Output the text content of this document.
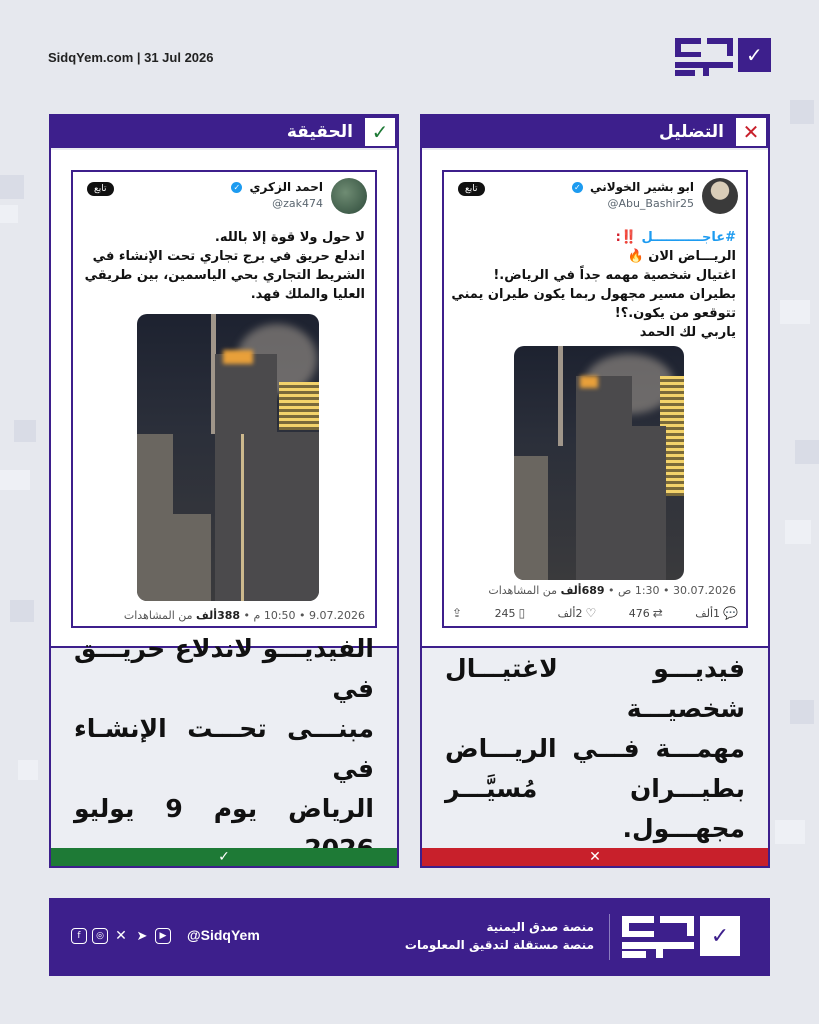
SidqYem.com | 31 Jul 2026	✓
الحقيقة ✓
احمد الزكري ✓
@zak474
تابع
لا حول ولا قوة إلا بالله.
اندلع حريق في برج تجاري تحت الإنشاء في
الشريط التجاري بحي الياسمين، بين طريقي
العليا والملك فهد.
9.07.2026 • 10:50 م • 388ألف من المشاهدات
الفيديـــو لاندلاع حريـــق في
مبنـــى تحـــت الإنشـاء في
الرياض يوم 9 يوليو
✓
التضليل ✕
ابو بشير الخولاني ✓
@Abu_Bashir25
تابع
#عاجـــــــــــل ‼️:
الريـــاض الان 🔥
اغتيال شخصية مهمه جداً في الرياض.!
بطيران مسير مجهول ربما يكون طيران يمني
تتوقعو من يكون.؟!
ياربي لك الحمد
30.07.2026 • 1:30 ص • 689ألف من المشاهدات
💬
1ألف
⇄
476
♡
2ألف
▯
245
⇪
فيديـــو لاغتيـــال شخصيـــة
مهمـــة فـــي الريـــاض
بطيـــران مُسيَّـــر مجهـــول.
✕
f	◎ ✕ ➤	▶	@SidqYem	منصة صدق اليمنية
منصة مستقلة لتدقيق المعلومات	✓
